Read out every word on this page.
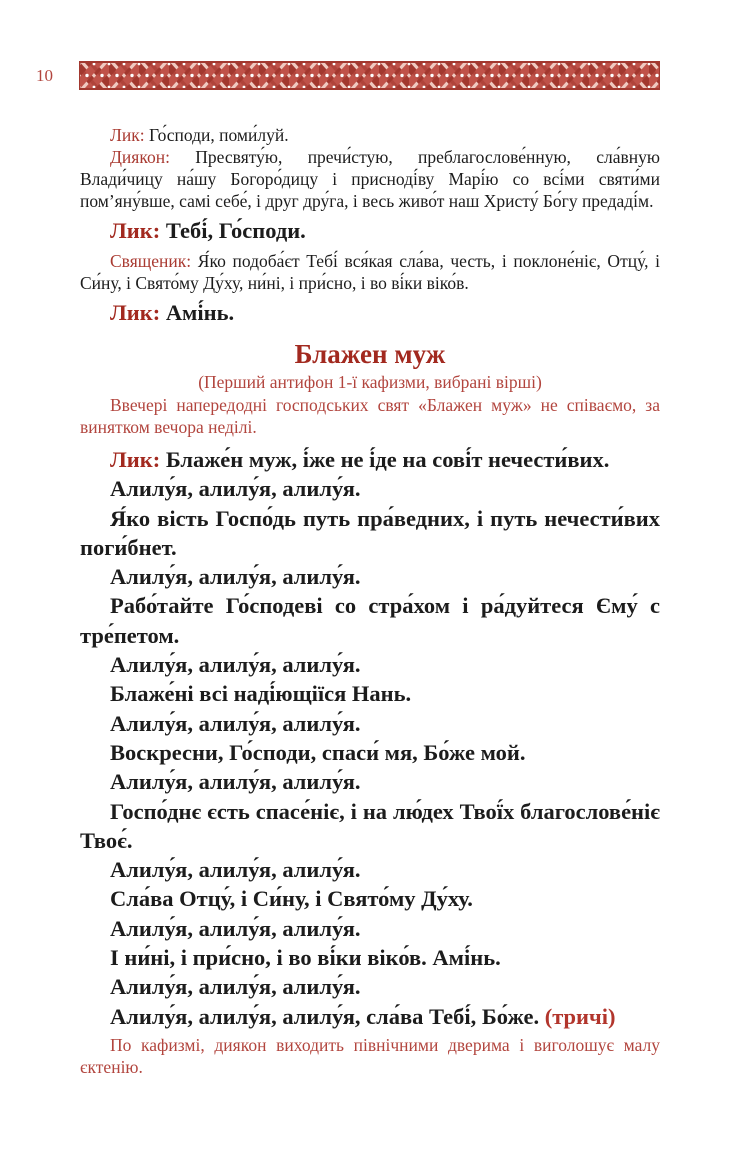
10

Лик: Го́споди, поми́луй.

Диякон: Пресвяту́ю, пречи́стую, преблагослове́нную, сла́вную Влади́чицу на́шу Богоро́дицу і присноді́ву Марі́ю со всі́ми святи́ми пом’яну́вше, самі себе́, і друг дру́га, і весь живо́т наш Христу́ Бо́гу предаді́м.

Лик: Тебі́, Го́споди.

Священик: Я́ко подоба́єт Тебі́ вся́кая сла́ва, честь, і поклоне́ніє, Отцу́, і Си́ну, і Свято́му Ду́ху, ни́ні, і при́сно, і во ві́ки віко́в.

Лик: Амі́нь.

Блажен муж
(Перший антифон 1-ї кафизми, вибрані вірші)

Ввечері напередодні господських свят «Блажен муж» не співаємо, за винятком вечора неділі.

Лик: Блаже́н муж, і́же не і́де на сові́т нечести́вих.

Алилу́я, алилу́я, алилу́я.

Я́ко вість Госпо́дь путь пра́ведних, і путь нечести́вих поги́бнет.

Алилу́я, алилу́я, алилу́я.

Рабо́тайте Го́сподеві со стра́хом і ра́дуйтеся Єму́ с тре́петом.

Алилу́я, алилу́я, алилу́я.

Блаже́ні всі наді́ющіїся Нань.

Алилу́я, алилу́я, алилу́я.

Воскресни, Го́споди, спаси́ мя, Бо́же мой.

Алилу́я, алилу́я, алилу́я.

Госпо́днє єсть спасе́ніє, і на лю́дех Твої́х благослове́ніє Твоє́.

Алилу́я, алилу́я, алилу́я.

Сла́ва Отцу́, і Си́ну, і Свято́му Ду́ху.

Алилу́я, алилу́я, алилу́я.

І ни́ні, і при́сно, і во ві́ки віко́в. Амі́нь.

Алилу́я, алилу́я, алилу́я.

Алилу́я, алилу́я, алилу́я, сла́ва Тебі́, Бо́же. (тричі)

По кафизмі, диякон виходить північними дверима і виголошує малу єктенію.
